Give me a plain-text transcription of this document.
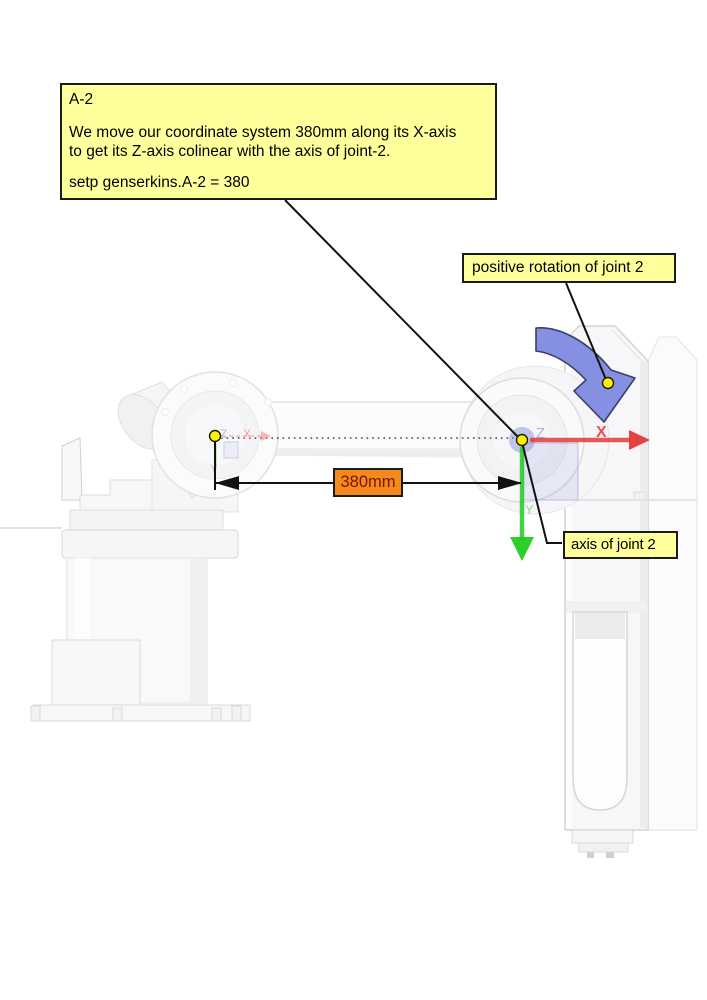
Z X
Y
Z	X
Y
A-2
We move our coordinate system 380mm along its X-axis
to get its Z-axis colinear with the axis of joint-2.
setp genserkins.A-2 = 380
positive rotation of joint 2
380mm
axis of joint 2
